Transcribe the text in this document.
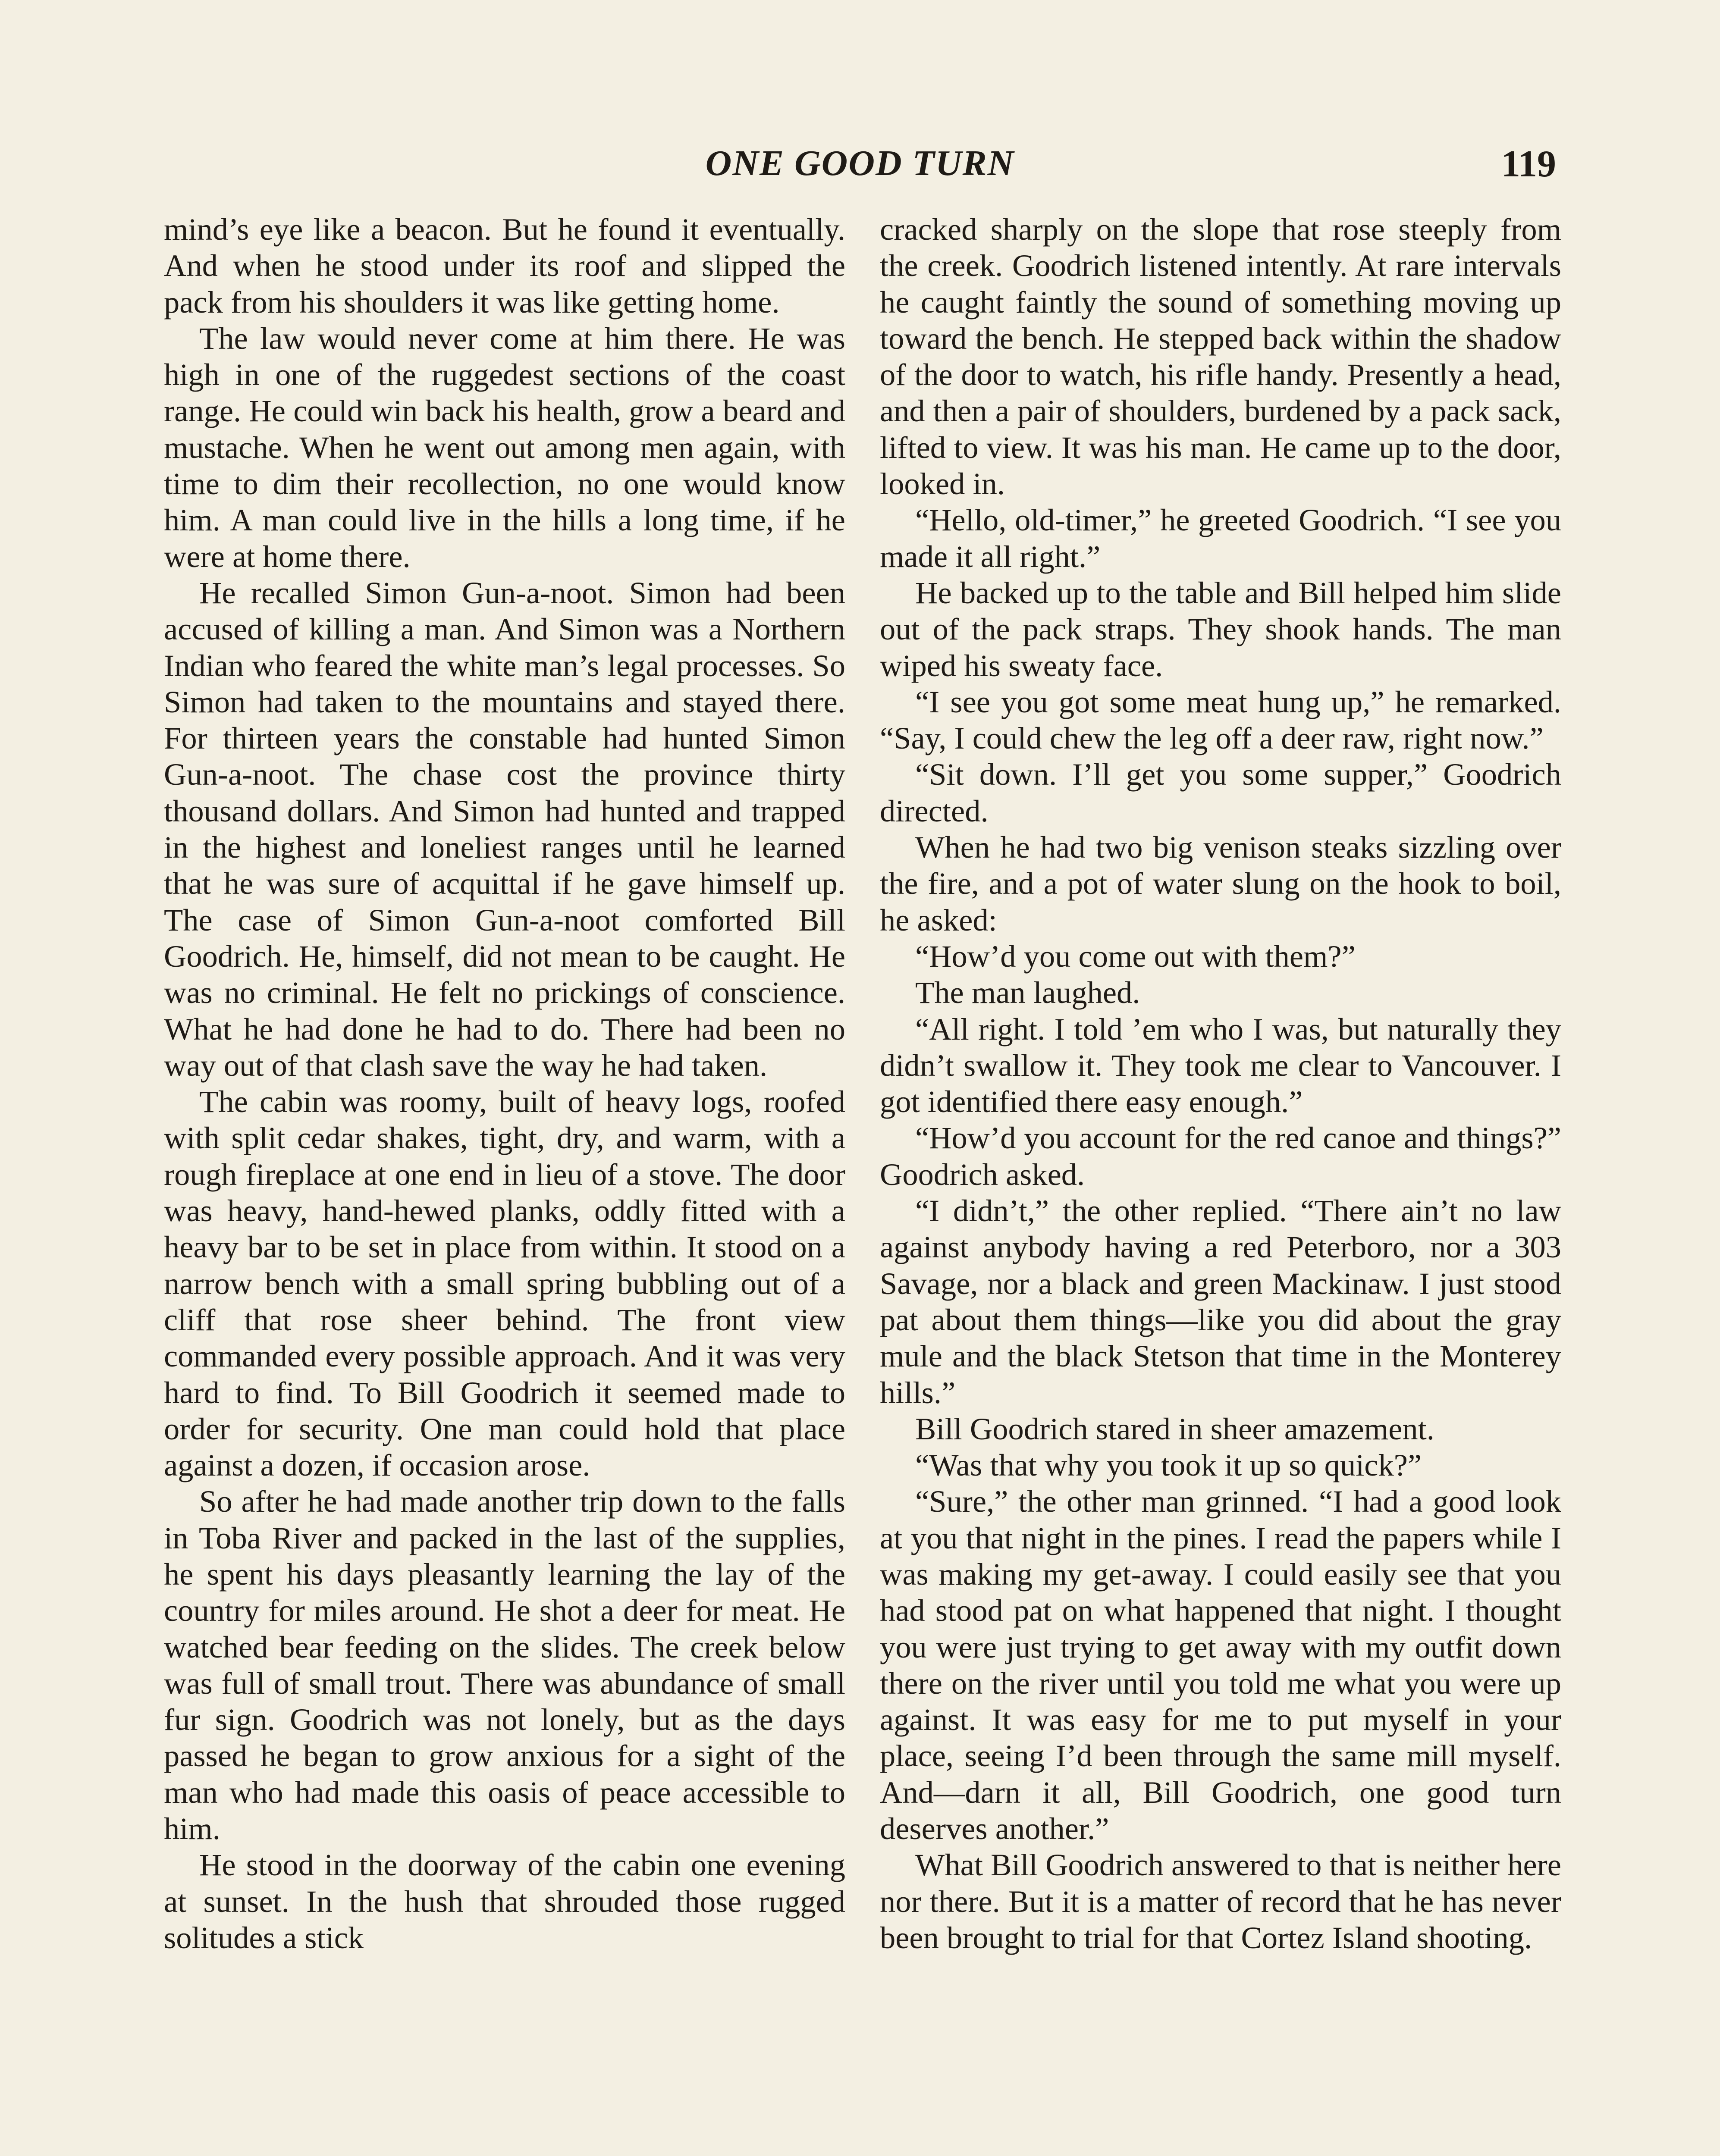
ONE GOOD TURN	119

mind’s eye like a beacon. But he found it eventually. And when he stood under its roof and slipped the pack from his shoulders it was like getting home.

The law would never come at him there. He was high in one of the ruggedest sections of the coast range. He could win back his health, grow a beard and mustache. When he went out among men again, with time to dim their recollection, no one would know him. A man could live in the hills a long time, if he were at home there.

He recalled Simon Gun-a-noot. Simon had been accused of killing a man. And Simon was a Northern Indian who feared the white man’s legal processes. So Simon had taken to the mountains and stayed there. For thirteen years the constable had hunted Simon Gun-a-noot. The chase cost the province thirty thousand dollars. And Simon had hunted and trapped in the highest and loneliest ranges until he learned that he was sure of acquittal if he gave himself up. The case of Simon Gun-a-noot comforted Bill Goodrich. He, himself, did not mean to be caught. He was no criminal. He felt no prickings of conscience. What he had done he had to do. There had been no way out of that clash save the way he had taken.

The cabin was roomy, built of heavy logs, roofed with split cedar shakes, tight, dry, and warm, with a rough fireplace at one end in lieu of a stove. The door was heavy, hand-hewed planks, oddly fitted with a heavy bar to be set in place from within. It stood on a narrow bench with a small spring bubbling out of a cliff that rose sheer behind. The front view commanded every possible approach. And it was very hard to find. To Bill Goodrich it seemed made to order for security. One man could hold that place against a dozen, if occasion arose.

So after he had made another trip down to the falls in Toba River and packed in the last of the supplies, he spent his days pleasantly learning the lay of the country for miles around. He shot a deer for meat. He watched bear feeding on the slides. The creek below was full of small trout. There was abundance of small fur sign. Goodrich was not lonely, but as the days passed he began to grow anxious for a sight of the man who had made this oasis of peace accessible to him.

He stood in the doorway of the cabin one evening at sunset. In the hush that shrouded those rugged solitudes a stick

cracked sharply on the slope that rose steeply from the creek. Goodrich listened intently. At rare intervals he caught faintly the sound of something moving up toward the bench. He stepped back within the shadow of the door to watch, his rifle handy. Presently a head, and then a pair of shoulders, burdened by a pack sack, lifted to view. It was his man. He came up to the door, looked in.

“Hello, old-timer,” he greeted Goodrich. “I see you made it all right.”

He backed up to the table and Bill helped him slide out of the pack straps. They shook hands. The man wiped his sweaty face.

“I see you got some meat hung up,” he remarked. “Say, I could chew the leg off a deer raw, right now.”

“Sit down. I’ll get you some supper,” Goodrich directed.

When he had two big venison steaks sizzling over the fire, and a pot of water slung on the hook to boil, he asked:

“How’d you come out with them?”

The man laughed.

“All right. I told ’em who I was, but naturally they didn’t swallow it. They took me clear to Vancouver. I got identified there easy enough.”

“How’d you account for the red canoe and things?” Goodrich asked.

“I didn’t,” the other replied. “There ain’t no law against anybody having a red Peterboro, nor a 303 Savage, nor a black and green Mackinaw. I just stood pat about them things—like you did about the gray mule and the black Stetson that time in the Monterey hills.”

Bill Goodrich stared in sheer amazement.

“Was that why you took it up so quick?”

“Sure,” the other man grinned. “I had a good look at you that night in the pines. I read the papers while I was making my get-away. I could easily see that you had stood pat on what happened that night. I thought you were just trying to get away with my outfit down there on the river until you told me what you were up against. It was easy for me to put myself in your place, seeing I’d been through the same mill myself. And—darn it all, Bill Goodrich, one good turn deserves another.”

What Bill Goodrich answered to that is neither here nor there. But it is a matter of record that he has never been brought to trial for that Cortez Island shooting.
